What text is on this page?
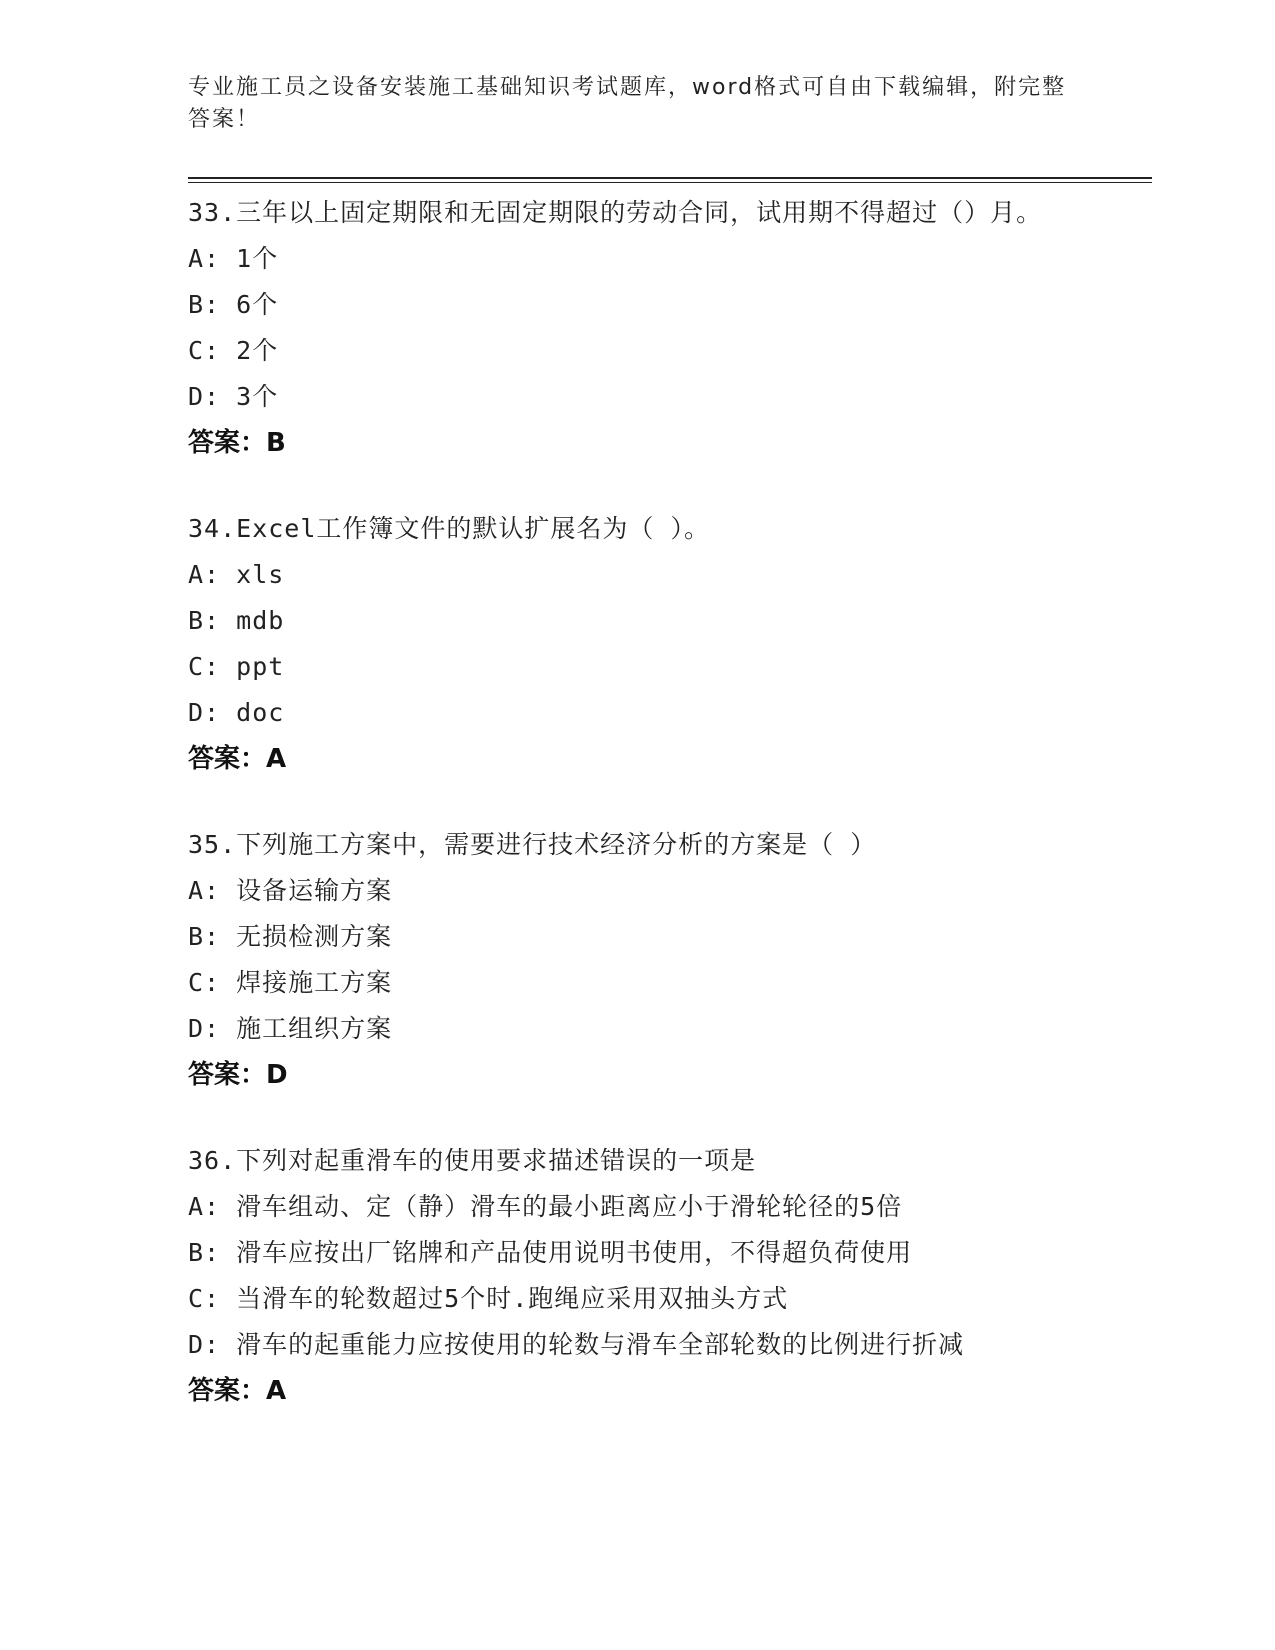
专业施工员之设备安装施工基础知识考试题库，word格式可自由下载编辑，附完整答案！

33.三年以上固定期限和无固定期限的劳动合同，试用期不得超过（）月。

A: 1个

B: 6个

C: 2个

D: 3个

答案：B

34.Excel工作簿文件的默认扩展名为（ ）。

A: xls

B: mdb

C: ppt

D: doc

答案：A

35.下列施工方案中，需要进行技术经济分析的方案是（ ）

A: 设备运输方案

B: 无损检测方案

C: 焊接施工方案

D: 施工组织方案

答案：D

36.下列对起重滑车的使用要求描述错误的一项是

A: 滑车组动、定（静）滑车的最小距离应小于滑轮轮径的5倍

B: 滑车应按出厂铭牌和产品使用说明书使用，不得超负荷使用

C: 当滑车的轮数超过5个时.跑绳应采用双抽头方式

D: 滑车的起重能力应按使用的轮数与滑车全部轮数的比例进行折减

答案：A
